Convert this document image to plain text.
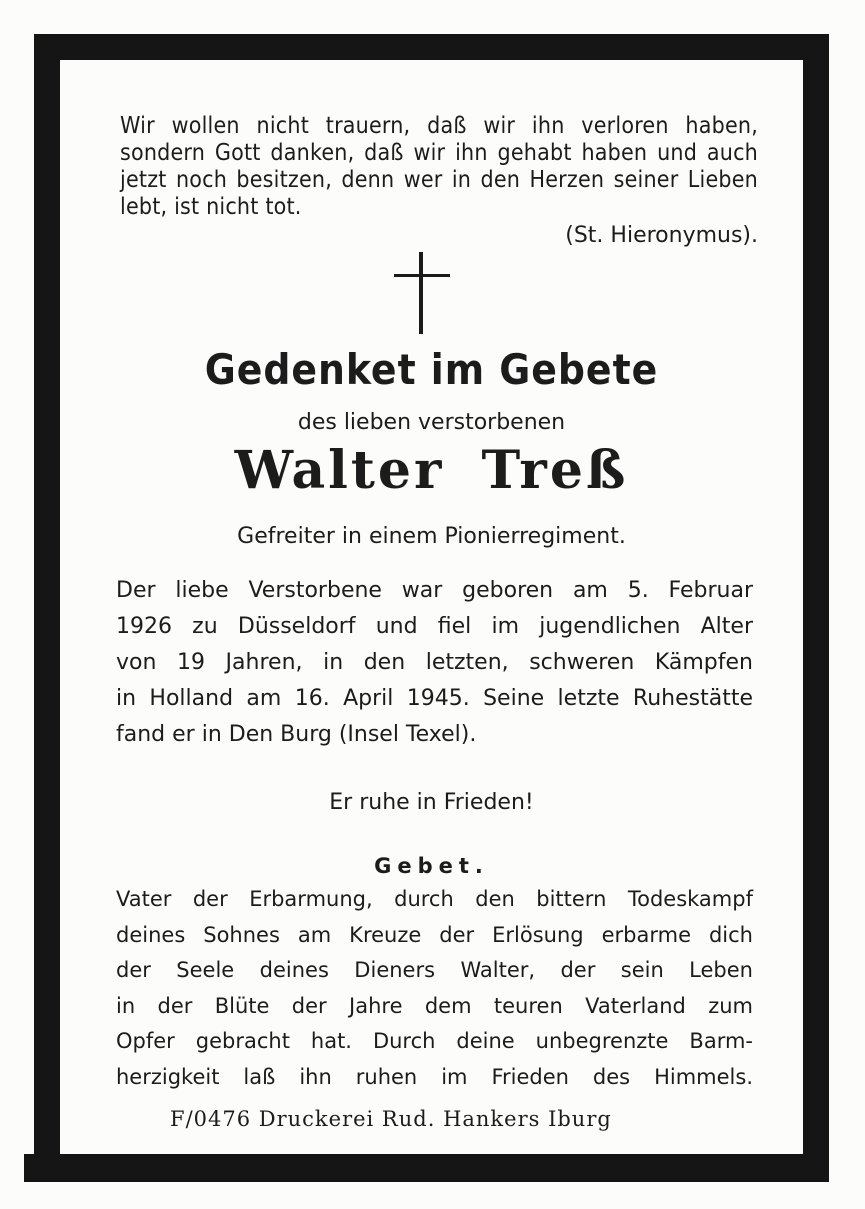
Wir wollen nicht trauern, daß wir ihn verloren haben, sondern Gott danken, daß wir ihn gehabt haben und auch jetzt noch besitzen, denn wer in den Herzen seiner Lieben lebt, ist nicht tot.
(St. Hieronymus).
Gedenket im Gebete
des lieben verstorbenen
Walter Treß
Gefreiter in einem Pionierregiment.
Der liebe Verstorbene war geboren am 5. Februar
1926 zu Düsseldorf und fiel im jugendlichen Alter
von 19 Jahren, in den letzten, schweren Kämpfen
in Holland am 16. April 1945. Seine letzte Ruhestätte
fand er in Den Burg (Insel Texel).
Er ruhe in Frieden!
Gebet.
Vater der Erbarmung, durch den bittern Todeskampf
deines Sohnes am Kreuze der Erlösung erbarme dich
der Seele deines Dieners Walter, der sein Leben
in der Blüte der Jahre dem teuren Vaterland zum
Opfer gebracht hat. Durch deine unbegrenzte Barm-
herzigkeit laß ihn ruhen im Frieden des Himmels.
F/0476 Druckerei Rud. Hankers Iburg
